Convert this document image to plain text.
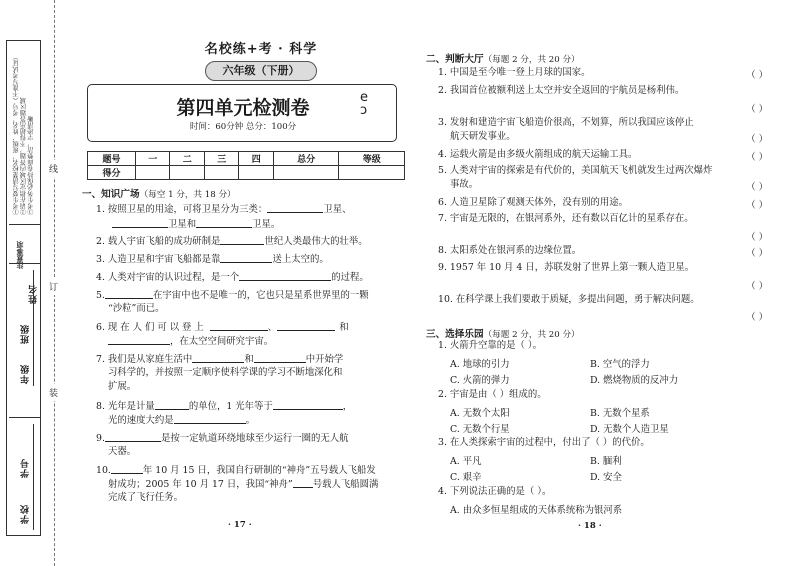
①考生要写清楚校名、班级、姓名、考号（不准写考试证） ②请在指定区域内答题，不得超出答题区域 ③考生务必保持卷面整洁，字迹清晰
注意事项
年级
班级
姓名
学校
学号
线
订
装
名校练+考 · 科学
六年级（下册）
第四单元检测卷
时间：60分钟 总分：100分
e
ͻ
题号	一	二	三	四	总分	等级
得分						
一、知识广场（每空 1 分，共 18 分）
1. 按照卫星的用途，可将卫星分为三类：	卫星、
卫星和	卫星。
2. 载人宇宙飞船的成功研制是	世纪人类最伟大的壮举。
3. 人造卫星和宇宙飞船都是靠	送上太空的。
4. 人类对宇宙的认识过程，是一个	的过程。
5.	在宇宙中也不是唯一的，它也只是星系世界里的一颗
“沙粒”而已。
6. 现 在 人 们 可 以 登 上	、	和
，在太空空间研究宇宙。
7. 我们是从家庭生活中	和	中开始学
习科学的，并按照一定顺序使科学课的学习不断地深化和
扩展。
8. 光年是计量	的单位，1 光年等于	，
光的速度大约是	。
9.	是按一定轨道环绕地球至少运行一圈的无人航
天器。
10.	年 10 月 15 日，我国自行研制的“神舟”五号载人飞船发
射成功；2005 年 10 月 17 日，我国“神舟” 号载人飞船圆满
完成了飞行任务。
· 17 ·
二、判断大厅（每题 2 分，共 20 分）
1. 中国是至今唯一登上月球的国家。	（ ）
2. 我国首位被额利送上太空并安全返回的宇航员是杨利伟。
（ ）
3. 发射和建造宇宙飞船造价很高，不划算，所以我国应该停止
航天研发事业。	（ ）
4. 运载火箭是由多级火箭组成的航天运输工具。	（ ）
5. 人类对宇宙的探索是有代价的，美国航天飞机就发生过两次爆炸
事故。	（ ）
6. 人造卫星除了观测天体外，没有别的用途。	（ ）
7. 宇宙是无限的，在银河系外，还有数以百亿计的星系存在。
（ ）
8. 太阳系处在银河系的边缘位置。	（ ）
9. 1957 年 10 月 4 日，苏联发射了世界上第一颗人造卫星。
（ ）
10. 在科学课上我们要敢于质疑，多提出问题，勇于解决问题。
（ ）
三、选择乐园（每题 2 分，共 20 分）
1. 火箭升空靠的是（ ）。
A. 地球的引力	B. 空气的浮力
C. 火箭的弹力	D. 燃烧物质的反冲力
2. 宇宙是由（ ）组成的。
A. 无数个太阳	B. 无数个星系
C. 无数个行星	D. 无数个人造卫星
3. 在人类探索宇宙的过程中，付出了（ ）的代价。
A. 平凡	B. 腼利
C. 艰辛	D. 安全
4. 下列说法正确的是（ ）。
A. 由众多恒星组成的天体系统称为银河系
· 18 ·
